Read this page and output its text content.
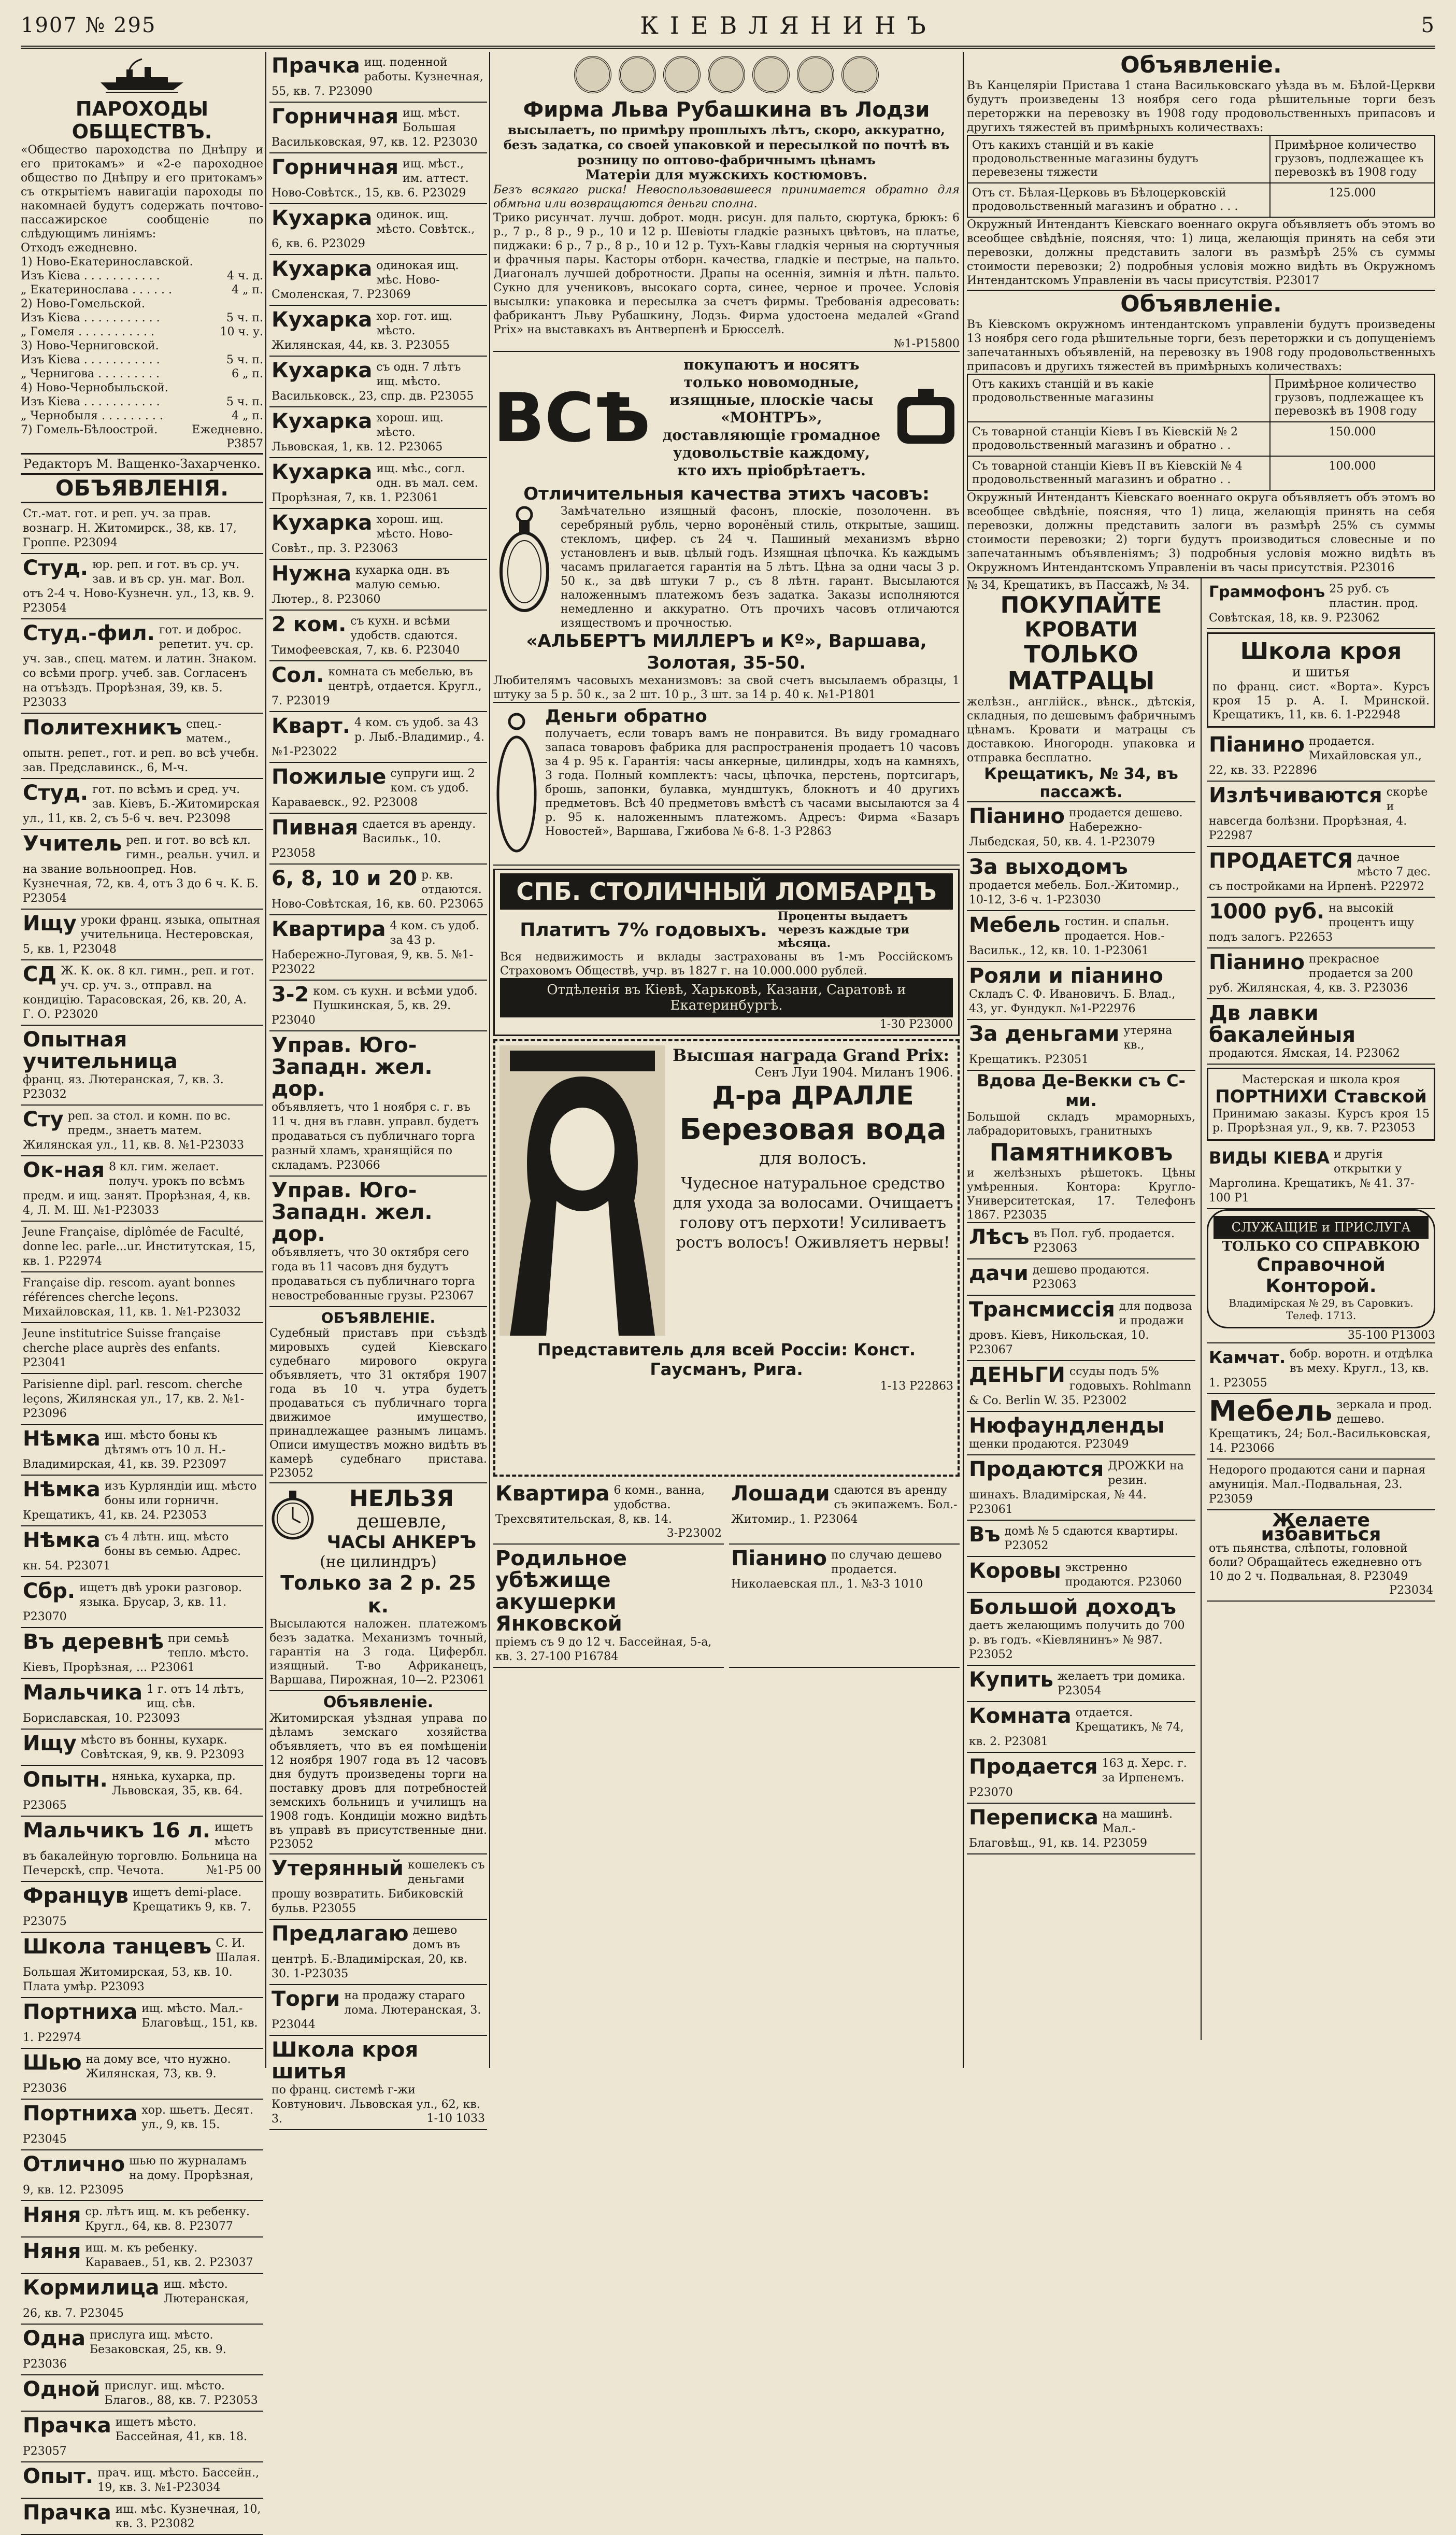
1907 № 295	КІЕВЛЯНИНЪ	5
ПАРОХОДЫ ОБЩЕСТВЪ.
«Общество пароходства по Днѣпру и его притокамъ» и «2-е пароходное общество по Днѣпру и его притокамъ» съ открытіемъ навигаціи пароходы по накомнаей будутъ содержать почтово-пассажирское сообщеніе по слѣдующимъ линіямъ:
Отходъ ежедневно.
1) Ново-Екатеринославской.
Изъ Кіева . . . . . . . . . . .	4 ч. д.
„ Екатеринослава . . . . . .	4 „ п.
2) Ново-Гомельской.
Изъ Кіева . . . . . . . . . . .	5 ч. п.
„ Гомеля . . . . . . . . . . .	10 ч. у.
3) Ново-Черниговской.
Изъ Кіева . . . . . . . . . . .	5 ч. п.
„ Чернигова . . . . . . . . .	6 „ п.
4) Ново-Чернобыльской.
Изъ Кіева . . . . . . . . . . .	5 ч. п.
„ Чернобыля . . . . . . . . .	4 „ п.
7) Гомель-Бѣлоострой.	Ежедневно.
Р3857
Редакторъ М. Ващенко-Захарченко.
ОБЪЯВЛЕНІЯ.
Ст.-мат. гот. и реп. уч. за прав. вознагр. Н. Житомирск., 38, кв. 17, Гроппе. Р23094
Студ. юр. реп. и гот. въ ср. уч. зав. и въ ср. ун. маг. Вол. отъ 2-4 ч. Ново-Кузнечн. ул., 13, кв. 9. Р23054
Студ.-фил. гот. и доброс. репетит. уч. ср. уч. зав., спец. матем. и латин. Знаком. со всѣми прогр. учеб. зав. Согласенъ на отъѣздъ. Прорѣзная, 39, кв. 5. Р23033
Политехникъ спец.-матем., опытн. репет., гот. и реп. во всѣ учебн. зав. Предславинск., 6, М-ч.
Студ. гот. по всѣмъ и сред. уч. зав. Кіевъ, Б.-Житомирская ул., 11, кв. 2, съ 5-6 ч. веч. Р23098
Учитель реп. и гот. во всѣ кл. гимн., реальн. учил. и на звание вольноопред. Нов. Кузнечная, 72, кв. 4, отъ 3 до 6 ч. К. Б. Р23054
Ищу уроки франц. языка, опытная учительница. Нестеровская, 5, кв. 1, Р23048
СД Ж. К. ок. 8 кл. гимн., реп. и гот. уч. ср. уч. з., отправл. на кондицію. Тарасовская, 26, кв. 20, А. Г. О. Р23020
Опытная учительница
франц. яз. Лютеранская, 7, кв. 3. Р23032
Сту реп. за стол. и комн. по вс. предм., знаетъ матем. Жилянская ул., 11, кв. 8. №1-Р23033
Ок-ная 8 кл. гим. желает. получ. урокъ по всѣмъ предм. и ищ. занят. Прорѣзная, 4, кв. 4, Л. М. Ш. №1-Р23033
Jeune Française, diplômée de Faculté, donne lec. parle...ur. Институтская, 15, кв. 1. Р22974
Française dip. rescom. ayant bonnes références cherche leçons. Михайловская, 11, кв. 1. №1-Р23032
Jeune institutrice Suisse française cherche place auprès des enfants. Р23041
Parisienne dipl. parl. rescom. cherche leçons, Жилянская ул., 17, кв. 2. №1-Р23096
Нѣмка ищ. мѣсто боны къ дѣтямъ отъ 10 л. Н.-Владимирская, 41, кв. 39. Р23097
Нѣмка изъ Курляндіи ищ. мѣсто боны или горничн. Крещатикъ, 41, кв. 24. Р23053
Нѣмка съ 4 лѣтн. ищ. мѣсто боны въ семью. Адрес. кн. 54. Р23071
Сбр. ищетъ двѣ уроки разговор. языка. Брусар, 3, кв. 11. Р23070
Въ деревнѣ при семьѣ тепло. мѣсто. Кіевъ, Прорѣзная, ... Р23061
Мальчика 1 г. отъ 14 лѣтъ, ищ. сѣв. Бориславская, 10. Р23093
Ищу мѣсто въ бонны, кухарк. Совѣтская, 9, кв. 9. Р23093
Опытн. нянька, кухарка, пр. Львовская, 35, кв. 64. Р23065
Мальчикъ 16 л. ищетъ мѣсто въ бакалейную торговлю. Больница на Печерскѣ, спр. Чечота.	№1-Р5 00
Францув ищетъ demi-place. Крещатикъ 9, кв. 7. Р23075
Школа танцевъ С. И. Шалая. Большая Житомирская, 53, кв. 10. Плата умѣр. Р23093
Портниха ищ. мѣсто. Мал.-Благовѣщ., 151, кв. 1. Р22974
Шью на дому все, что нужно. Жилянская, 73, кв. 9. Р23036
Портниха хор. шьетъ. Десят. ул., 9, кв. 15. Р23045
Отлично шью по журналамъ на дому. Прорѣзная, 9, кв. 12. Р23095
Няня ср. лѣтъ ищ. м. къ ребенку. Кругл., 64, кв. 8. Р23077
Няня ищ. м. къ ребенку. Караваев., 51, кв. 2. Р23037
Кормилица ищ. мѣсто. Лютеранская, 26, кв. 7. Р23045
Одна прислуга ищ. мѣсто. Безаковская, 25, кв. 9. Р23036
Одной прислуг. ищ. мѣсто. Благов., 88, кв. 7. Р23053
Прачка ищетъ мѣсто. Бассейная, 41, кв. 18. Р23057
Опыт. прач. ищ. мѣсто. Бассейн., 19, кв. 3. №1-Р23034
Прачка ищ. мѣс. Кузнечная, 10, кв. 3. Р23082
Прачка ищ. поденной работы. Кузнечная, 55, кв. 7. Р23090
Горничная ищ. мѣст. Большая Васильковская, 97, кв. 12. Р23030
Горничная ищ. мѣст., им. аттест. Ново-Совѣтск., 15, кв. 6. Р23029
Кухарка одинок. ищ. мѣсто. Совѣтск., 6, кв. 6. Р23029
Кухарка одинокая ищ. мѣс. Ново-Смоленская, 7. Р23069
Кухарка хор. гот. ищ. мѣсто. Жилянская, 44, кв. 3. Р23055
Кухарка съ одн. 7 лѣтъ ищ. мѣсто. Васильковск., 23, спр. дв. Р23055
Кухарка хорош. ищ. мѣсто. Львовская, 1, кв. 12. Р23065
Кухарка ищ. мѣс., согл. одн. въ мал. сем. Прорѣзная, 7, кв. 1. Р23061
Кухарка хорош. ищ. мѣсто. Ново-Совѣт., пр. 3. Р23063
Нужна кухарка одн. въ малую семью. Лютер., 8. Р23060
2 ком. съ кухн. и всѣми удобств. сдаются. Тимофеевская, 7, кв. 6. Р23040
Сол. комната съ мебелью, въ центрѣ, отдается. Кругл., 7. Р23019
Кварт. 4 ком. съ удоб. за 43 р. Лыб.-Владимир., 4. №1-Р23022
Пожилые супруги ищ. 2 ком. съ удоб. Караваевск., 92. Р23008
Пивная сдается въ аренду. Васильк., 10. Р23058
6, 8, 10 и 20 р. кв. отдаются. Ново-Совѣтская, 16, кв. 60. Р23065
Квартира 4 ком. съ удоб. за 43 р. Набережно-Луговая, 9, кв. 5. №1-Р23022
3-2 ком. съ кухн. и всѣми удоб. Пушкинская, 5, кв. 29. Р23040
Управ. Юго-Западн. жел. дор.
объявляетъ, что 1 ноября с. г. въ 11 ч. дня въ главн. управл. будетъ продаваться съ публичнаго торга разный хламъ, хранящійся по складамъ. Р23066
Управ. Юго-Западн. жел. дор.
объявляетъ, что 30 октября сего года въ 11 часовъ дня будутъ продаваться съ публичнаго торга невостребованные грузы. Р23067
ОБЪЯВЛЕНІЕ.
Судебный приставъ при съѣздѣ мировыхъ судей Кіевскаго судебнаго мирового округа объявляетъ, что 31 октября 1907 года въ 10 ч. утра будетъ продаваться съ публичнаго торга движимое имущество, принадлежащее разнымъ лицамъ. Описи имуществъ можно видѣть въ камерѣ судебнаго пристава. Р23052
НЕЛЬЗЯ
дешевле,
ЧАСЫ АНКЕРЪ
(не цилиндръ)
Только за 2 р. 25 к.
Высылаются наложен. платежомъ безъ задатка. Механизмъ точный, гарантія на 3 года. Цифербл. изящный. Т-во Африканецъ, Варшава, Пирожная, 10—2. Р23061
Объявленіе.
Житомирская уѣздная управа по дѣламъ земскаго хозяйства объявляетъ, что въ ея помѣщеніи 12 ноября 1907 года въ 12 часовъ дня будутъ произведены торги на поставку дровъ для потребностей земскихъ больницъ и училищъ на 1908 годъ. Кондиціи можно видѣть въ управѣ въ присутственные дни. Р23052
Утерянный кошелекъ съ деньгами прошу возвратить. Бибиковскій бульв. Р23055
Предлагаю дешево домъ въ центрѣ. Б.-Владимірская, 20, кв. 30. 1-Р23035
Торги на продажу стараго лома. Лютеранская, 3. Р23044
Школа кроя шитья
по франц. системѣ г-жи Ковтунович. Львовская ул., 62, кв. 3.	1-10 1033
Фирма Льва Рубашкина въ Лодзи
высылаетъ, по примѣру прошлыхъ лѣтъ, скоро, аккуратно, безъ задатка, со своей упаковкой и пересылкой по почтѣ въ розницу по оптово-фабричнымъ цѣнамъ
Матеріи для мужскихъ костюмовъ.
Безъ всякаго риска! Невоспользовавшееся принимается обратно для обмѣна или возвращаются деньги сполна.
Трико рисунчат. лучш. доброт. модн. рисун. для пальто, сюртука, брюкъ: 6 р., 7 р., 8 р., 9 р., 10 и 12 р. Шевіоты гладкіе разныхъ цвѣтовъ, на платье, пиджаки: 6 р., 7 р., 8 р., 10 и 12 р. Тухъ-Кавы гладкія черныя на сюртучныя и фрачныя пары. Касторы отборн. качества, гладкіе и пестрые, на пальто. Диагоналъ лучшей добротности. Драпы на осеннія, зимнія и лѣтн. пальто. Сукно для учениковъ, высокаго сорта, синее, черное и прочее. Условія высылки: упаковка и пересылка за счетъ фирмы. Требованія адресовать: фабрикантъ Льву Рубашкину, Лодзь. Фирма удостоена медалей «Grand Prix» на выставкахъ въ Антверпенѣ и Брюсселѣ.
№1-Р15800
ВСѢ
покупаютъ и носятъ только новомодные, изящные, плоскіе часы «МОНТРЪ», доставляющіе громадное удовольствіе каждому, кто ихъ пріобрѣтаетъ.
Отличительныя качества этихъ часовъ:
Замѣчательно изящный фасонъ, плоскіе, позолоченн. въ серебряный рубль, черно воронёный стиль, открытые, защищ. стекломъ, цифер. съ 24 ч. Пашиный механизмъ вѣрно установленъ и выв. цѣлый годъ. Изящная цѣпочка. Къ каждымъ часамъ прилагается гарантія на 5 лѣтъ. Цѣна за одни часы 3 р. 50 к., за двѣ штуки 7 р., съ 8 лѣтн. гарант. Высылаются наложеннымъ платежомъ безъ задатка. Заказы исполняются немедленно и аккуратно. Отъ прочихъ часовъ отличаются изяществомъ и прочностью.
«АЛЬБЕРТЪ МИЛЛЕРЪ и Кº», Варшава, Золотая, 35-50.
Любителямъ часовыхъ механизмовъ: за свой счетъ высылаемъ образцы, 1 штуку за 5 р. 50 к., за 2 шт. 10 р., 3 шт. за 14 р. 40 к. №1-Р1801
Деньги обратно
получаетъ, если товаръ вамъ не понравится. Въ виду громаднаго запаса товаровъ фабрика для распространенія продаетъ 10 часовъ за 4 р. 95 к. Гарантія: часы анкерные, цилиндры, ходъ на камняхъ, 3 года. Полный комплектъ: часы, цѣпочка, перстень, портсигаръ, брошь, запонки, булавка, мундштукъ, блокнотъ и 40 другихъ предметовъ. Всѣ 40 предметовъ вмѣстѣ съ часами высылаются за 4 р. 95 к. наложеннымъ платежомъ. Адресъ: Фирма «Базаръ Новостей», Варшава, Гжибова № 6-8. 1-3 Р2863
СПБ. СТОЛИЧНЫЙ ЛОМБАРДЪ
Платитъ 7% годовыхъ.
Проценты выдаетъ черезъ каждые три мѣсяца.
Вся недвижимость и вклады застрахованы въ 1-мъ Россійскомъ Страховомъ Обществѣ, учр. въ 1827 г. на 10.000.000 рублей.
Отдѣленія въ Кіевѣ, Харьковѣ, Казани, Саратовѣ и Екатеринбургѣ.
1-30 Р23000
Высшая награда Grand Prix:
Сенъ Луи 1904. Миланъ 1906.
Д-ра ДРАЛЛЕ
Березовая вода
для волосъ.
Чудесное натуральное средство для ухода за волосами. Очищаетъ голову отъ перхоти! Усиливаетъ ростъ волосъ! Оживляетъ нервы!
Представитель для всей Россіи: Конст. Гаусманъ, Рига.
1-13 Р22863
Квартира 6 комн., ванна, удобства. Трехсвятительская, 8, кв. 14.
3-Р23002
Лошади сдаются въ аренду съ экипажемъ. Бол.-Житомир., 1. Р23064
Родильное убѣжище акушерки Янковской
пріемъ съ 9 до 12 ч. Бассейная, 5-а, кв. 3. 27-100 Р16784
Піанино по случаю дешево продается. Николаевская пл., 1. №3-3 1010
Объявленіе.
Въ Канцеляріи Пристава 1 стана Васильковскаго уѣзда въ м. Бѣлой-Церкви будутъ произведены 13 ноября сего года рѣшительные торги безъ переторжки на перевозку въ 1908 году продовольственныхъ припасовъ и другихъ тяжестей въ примѣрныхъ количествахъ:
Отъ какихъ станцій и въ какіе продовольственные магазины будутъ перевезены тяжести	Примѣрное количество грузовъ, подлежащее къ перевозкѣ въ 1908 году
Отъ ст. Бѣлая-Церковь въ Бѣлоцерковскій продовольственный магазинъ и обратно . . .	125.000
Окружный Интендантъ Кіевскаго военнаго округа объявляетъ объ этомъ во всеобщее свѣдѣніе, поясняя, что: 1) лица, желающія принять на себя эти перевозки, должны представить залоги въ размѣрѣ 25% съ суммы стоимости перевозки; 2) подробныя условія можно видѣть въ Окружномъ Интендантскомъ Управленіи въ часы присутствія. Р23017
Объявленіе.
Въ Кіевскомъ окружномъ интендантскомъ управленіи будутъ произведены 13 ноября сего года рѣшительные торги, безъ переторжки и съ допущеніемъ запечатанныхъ объявленій, на перевозку въ 1908 году продовольственныхъ припасовъ и другихъ тяжестей въ примѣрныхъ количествахъ:
Отъ какихъ станцій и въ какіе продовольственные магазины	Примѣрное количество грузовъ, подлежащее къ перевозкѣ въ 1908 году
Съ товарной станціи Кіевъ I въ Кіевскій № 2 продовольственный магазинъ и обратно . .	150.000
Съ товарной станціи Кіевъ II въ Кіевскій № 4 продовольственный магазинъ и обратно . .	100.000
Окружный Интендантъ Кіевскаго военнаго округа объявляетъ объ этомъ во всеобщее свѣдѣніе, поясняя, что 1) лица, желающія принять на себя перевозки, должны представить залоги въ размѣрѣ 25% съ суммы стоимости перевозки; 2) торги будутъ производиться словесные и по запечатаннымъ объявленіямъ; 3) подробныя условія можно видѣть въ Окружномъ Интендантскомъ Управленіи въ часы присутствія. Р23016
№ 34, Крещатикъ, въ Пассажѣ, № 34.
ПОКУПАЙТЕ
КРОВАТИ
ТОЛЬКО
МАТРАЦЫ
желѣзн., англійск., вѣнск., дѣтскія, складныя, по дешевымъ фабричнымъ цѣнамъ. Кровати и матрацы съ доставкою. Иногородн. упаковка и отправка бесплатно.
Крещатикъ, № 34, въ пассажѣ.
Піанино продается дешево. Набережно-Лыбедская, 50, кв. 4. 1-Р23079
За выходомъ
продается мебель. Бол.-Житомир., 10-12, 3-6 ч. 1-Р23030
Мебель гостин. и спальн. продается. Нов.-Васильк., 12, кв. 10. 1-Р23061
Рояли и піанино
Складъ С. Ф. Ивановичъ. Б. Влад., 43, уг. Фундукл. №1-Р22976
За деньгами утеряна кв., Крещатикъ. Р23051
Вдова Де-Векки съ С-ми.
Большой складъ мраморныхъ, лабрадоритовыхъ, гранитныхъ
Памятниковъ
и желѣзныхъ рѣшетокъ. Цѣны умѣренныя. Контора: Кругло-Университетская, 17. Телефонъ 1867. Р23035
Лѣсъ въ Пол. губ. продается. Р23063
дачи дешево продаются. Р23063
Трансмиссія для подвоза и продажи дровъ. Кіевъ, Никольская, 10. Р23067
ДЕНЬГИ ссуды подъ 5% годовыхъ. Rohlmann & Co. Berlin W. 35. Р23002
Нюфаундленды
щенки продаются. Р23049
Продаются ДРОЖКИ на резин. шинахъ. Владимірская, № 44. Р23061
Въ домѣ № 5 сдаются квартиры. Р23052
Коровы экстренно продаются. Р23060
Большой доходъ
даетъ желающимъ получить до 700 р. въ годъ. «Кіевлянинъ» № 987. Р23052
Купить желаетъ три домика. Р23054
Комната отдается. Крещатикъ, № 74, кв. 2. Р23081
Продается 163 д. Херс. г. за Ирпенемъ. Р23070
Переписка на машинѣ. Мал.-Благовѣщ., 91, кв. 14. Р23059
Граммофонъ 25 руб. съ пластин. прод. Совѣтская, 18, кв. 9. Р23062
Школа кроя
и шитья
по франц. сист. «Ворта». Курсъ кроя 15 р. А. І. Мринской. Крещатикъ, 11, кв. 6. 1-Р22948
Піанино продается. Михайловская ул., 22, кв. 33. Р22896
Излѣчиваются скорѣе и навсегда болѣзни. Прорѣзная, 4. Р22987
ПРОДАЕТСЯ дачное мѣсто 7 дес. съ постройками на Ирпенѣ. Р22972
1000 руб. на высокій процентъ ищу подъ залогъ. Р22653
Піанино прекрасное продается за 200 руб. Жилянская, 4, кв. 3. Р23036
Дв лавки бакалейныя
продаются. Ямская, 14. Р23062
Мастерская и школа кроя
ПОРТНИХИ Ставской
Принимаю заказы. Курсъ кроя 15 р. Прорѣзная ул., 9, кв. 7. Р23053
ВИДЫ КІЕВА и другія открытки у Марголина. Крещатикъ, № 41. 37-100 Р1
СЛУЖАЩИЕ и ПРИСЛУГА
ТОЛЬКО СО СПРАВКОЮ
Справочной Конторой.
Владимірская № 29, въ Саровкиъ. Телеф. 1713.
35-100 Р13003
Камчат. бобр. воротн. и отдѣлка въ меху. Кругл., 13, кв. 1. Р23055
Мебель зеркала и прод. дешево. Крещатикъ, 24; Бол.-Васильковская, 14. Р23066
Недорого продаются сани и парная амуниція. Мал.-Подвальная, 23. Р23059
Желаете избавиться
отъ пьянства, слѣпоты, головной боли? Обращайтесь ежедневно отъ 10 до 2 ч. Подвальная, 8. Р23049
Р23034
